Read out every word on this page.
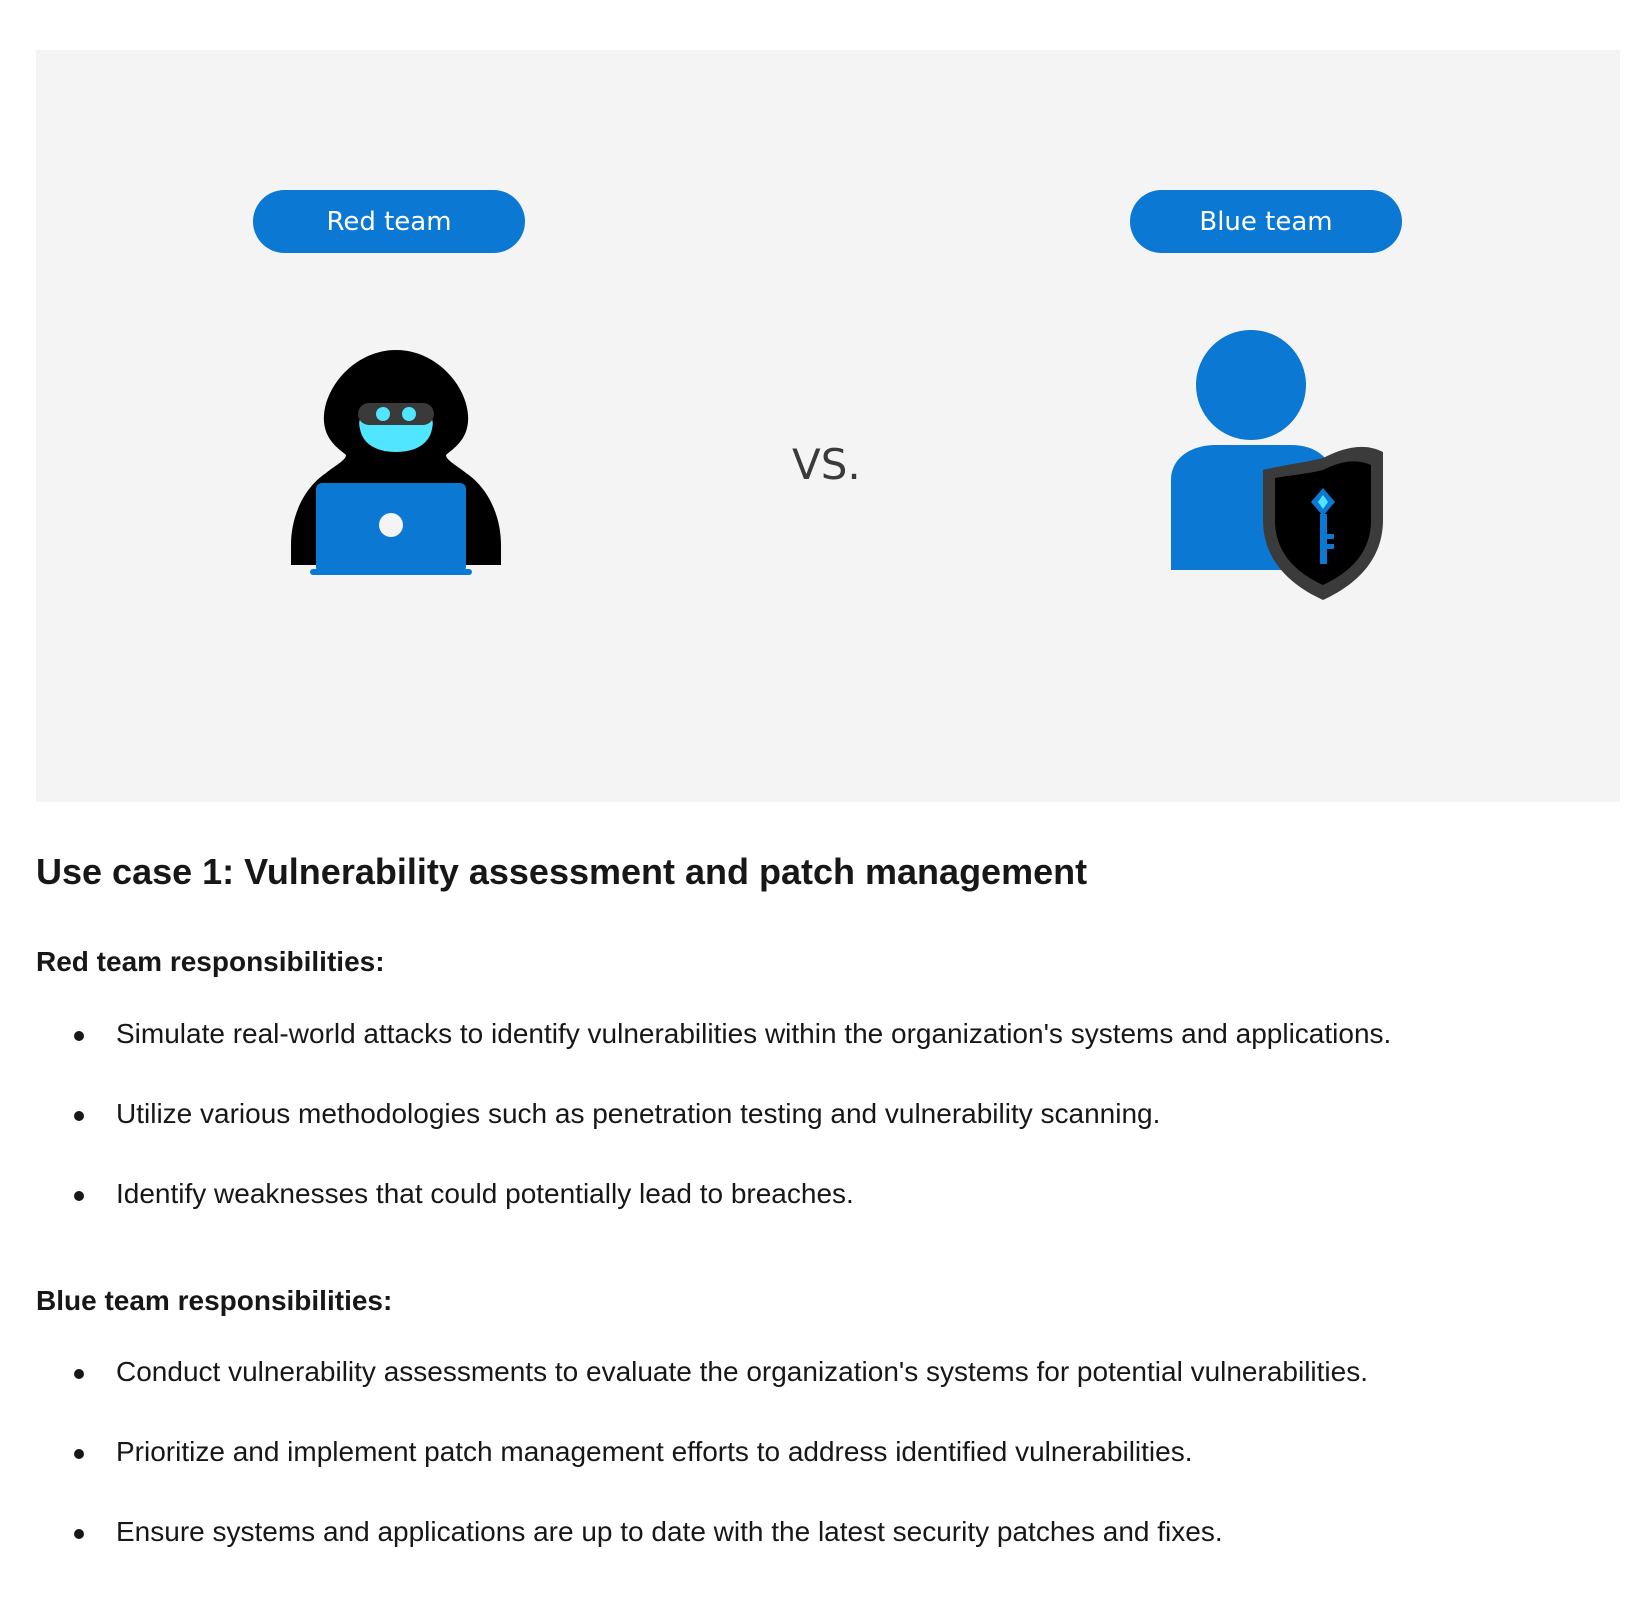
Red team	Blue team
VS.
Use case 1: Vulnerability assessment and patch management

Red team responsibilities:

Simulate real-world attacks to identify vulnerabilities within the organization's systems and applications.
Utilize various methodologies such as penetration testing and vulnerability scanning.
Identify weaknesses that could potentially lead to breaches.

Blue team responsibilities:

Conduct vulnerability assessments to evaluate the organization's systems for potential vulnerabilities.
Prioritize and implement patch management efforts to address identified vulnerabilities.
Ensure systems and applications are up to date with the latest security patches and fixes.
